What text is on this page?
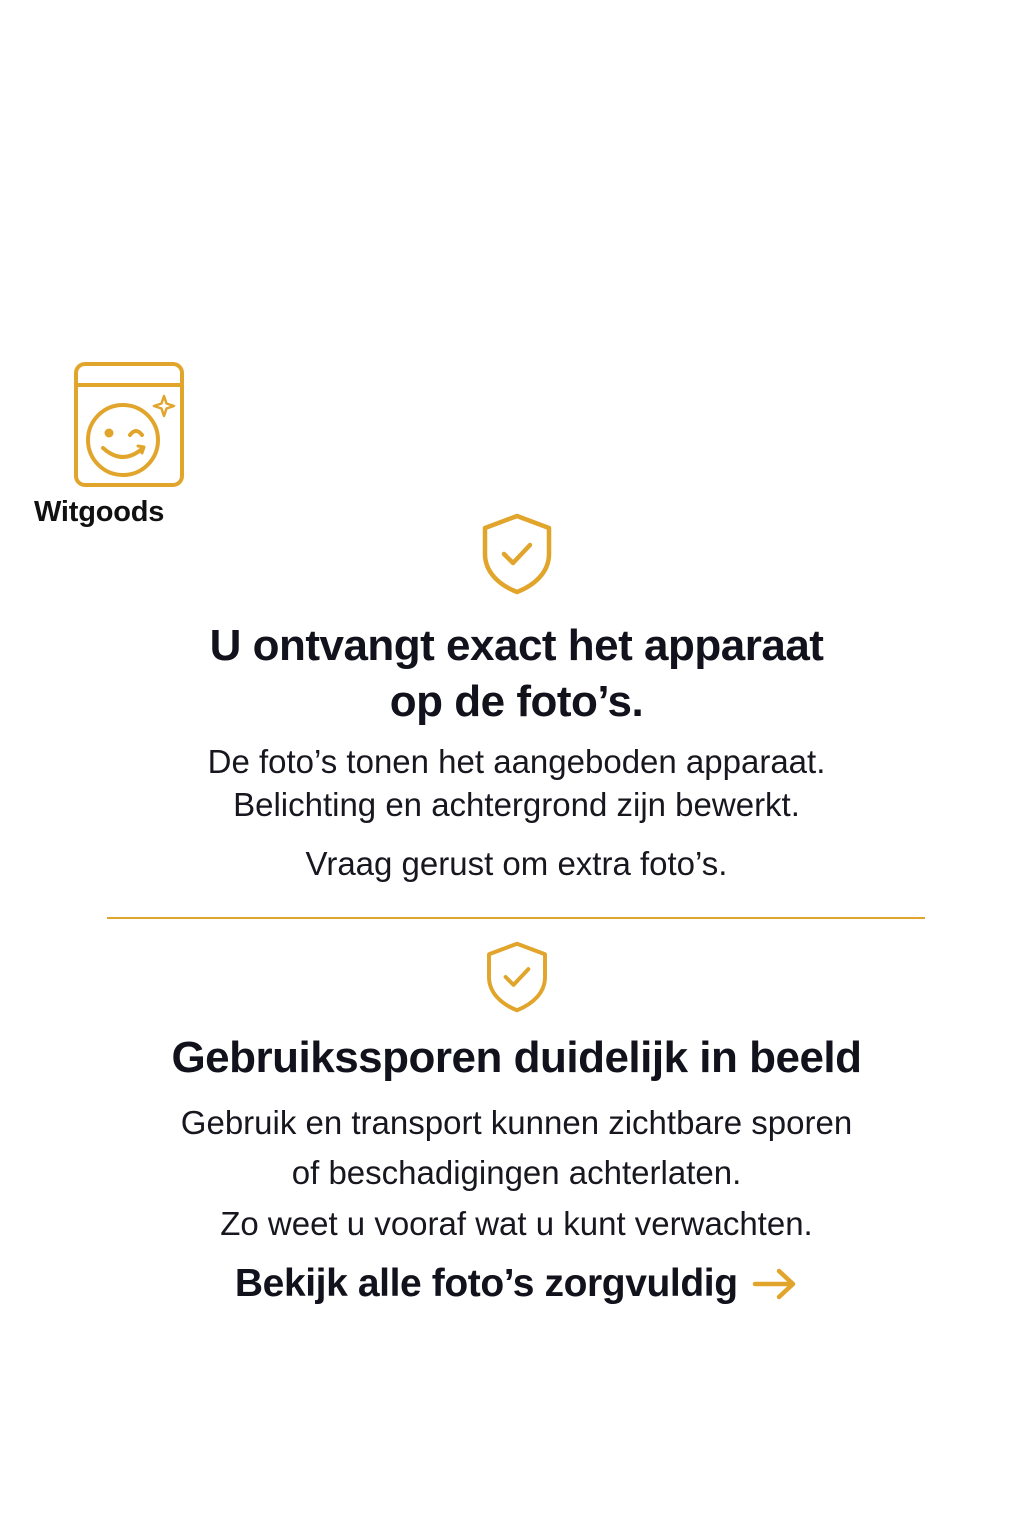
Witgoods
U ontvangt exact het apparaat
op de foto’s.

De foto’s tonen het aangeboden apparaat.
Belichting en achtergrond zijn bewerkt.

Vraag gerust om extra foto’s.

Gebruikssporen duidelijk in beeld

Gebruik en transport kunnen zichtbare sporen
of beschadigingen achterlaten.

Zo weet u vooraf wat u kunt verwachten.

Bekijk alle foto’s zorgvuldig
